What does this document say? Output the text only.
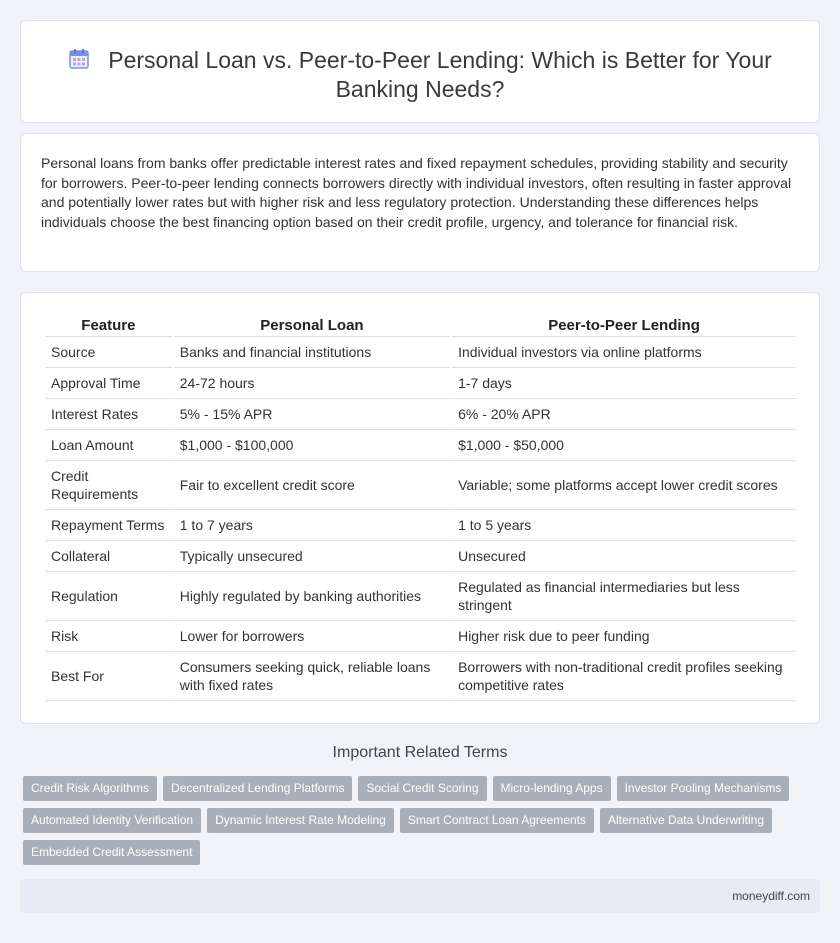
Personal Loan vs. Peer-to-Peer Lending: Which is Better for Your Banking Needs?

Personal loans from banks offer predictable interest rates and fixed repayment schedules, providing stability and security for borrowers. Peer-to-peer lending connects borrowers directly with individual investors, often resulting in faster approval and potentially lower rates but with higher risk and less regulatory protection. Understanding these differences helps individuals choose the best financing option based on their credit profile, urgency, and tolerance for financial risk.

Feature	Personal Loan	Peer-to-Peer Lending
Source	Banks and financial institutions	Individual investors via online platforms
Approval Time	24-72 hours	1-7 days
Interest Rates	5% - 15% APR	6% - 20% APR
Loan Amount	$1,000 - $100,000	$1,000 - $50,000
Credit Requirements	Fair to excellent credit score	Variable; some platforms accept lower credit scores
Repayment Terms	1 to 7 years	1 to 5 years
Collateral	Typically unsecured	Unsecured
Regulation	Highly regulated by banking authorities	Regulated as financial intermediaries but less stringent
Risk	Lower for borrowers	Higher risk due to peer funding
Best For	Consumers seeking quick, reliable loans with fixed rates	Borrowers with non-traditional credit profiles seeking competitive rates
Important Related Terms
Credit Risk Algorithms Decentralized Lending Platforms Social Credit Scoring Micro-lending Apps Investor Pooling MechanismsAutomated Identity Verification Dynamic Interest Rate Modeling Smart Contract Loan Agreements Alternative Data UnderwritingEmbedded Credit Assessment
moneydiff.com
